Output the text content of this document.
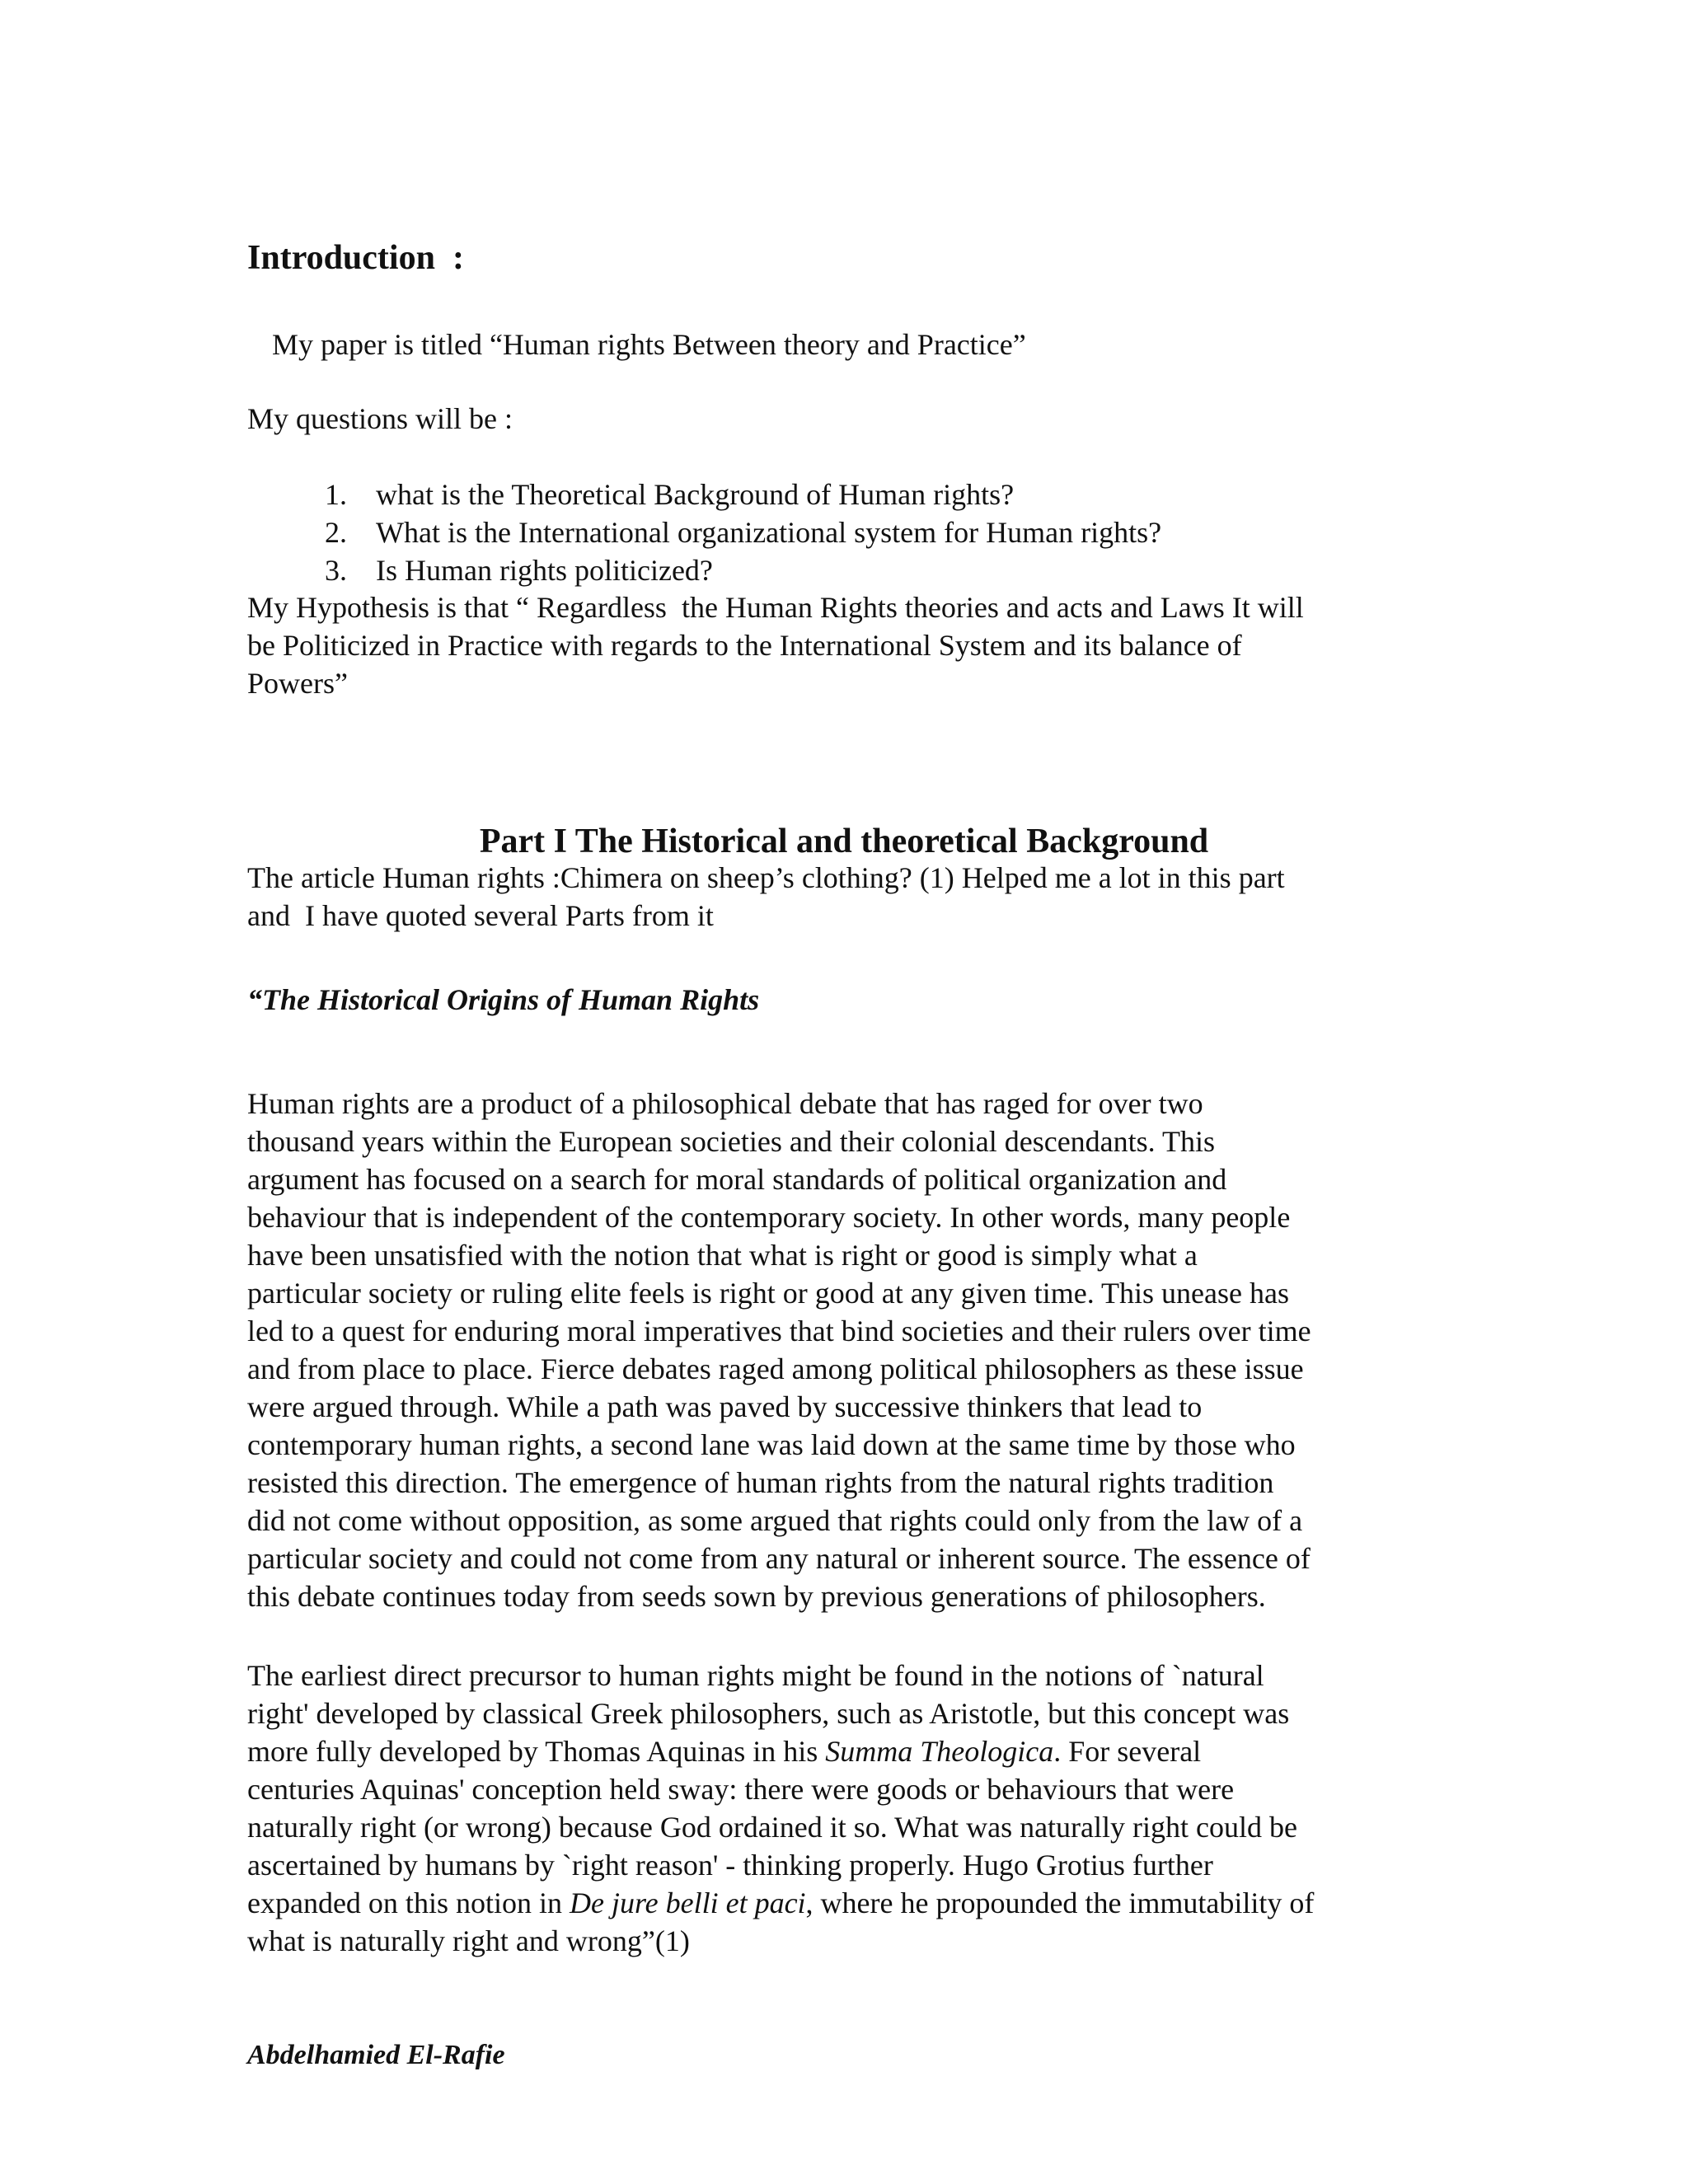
Introduction  :
My paper is titled “Human rights Between theory and Practice”
My questions will be :

1. what is the Theoretical Background of Human rights?

2. What is the International organizational system for Human rights?

3. Is Human rights politicized?

My Hypothesis is that “ Regardless  the Human Rights theories and acts and Laws It will
be Politicized in Practice with regards to the International System and its balance of
Powers”
Part I The Historical and theoretical Background
The article Human rights :Chimera on sheep’s clothing? (1) Helped me a lot in this part
and  I have quoted several Parts from it
“The Historical Origins of Human Rights
Human rights are a product of a philosophical debate that has raged for over two
thousand years within the European societies and their colonial descendants. This
argument has focused on a search for moral standards of political organization and
behaviour that is independent of the contemporary society. In other words, many people
have been unsatisfied with the notion that what is right or good is simply what a
particular society or ruling elite feels is right or good at any given time. This unease has
led to a quest for enduring moral imperatives that bind societies and their rulers over time
and from place to place. Fierce debates raged among political philosophers as these issue
were argued through. While a path was paved by successive thinkers that lead to
contemporary human rights, a second lane was laid down at the same time by those who
resisted this direction. The emergence of human rights from the natural rights tradition
did not come without opposition, as some argued that rights could only from the law of a
particular society and could not come from any natural or inherent source. The essence of
this debate continues today from seeds sown by previous generations of philosophers.
The earliest direct precursor to human rights might be found in the notions of `natural
right' developed by classical Greek philosophers, such as Aristotle, but this concept was
more fully developed by Thomas Aquinas in his Summa Theologica. For several
centuries Aquinas' conception held sway: there were goods or behaviours that were
naturally right (or wrong) because God ordained it so. What was naturally right could be
ascertained by humans by `right reason' - thinking properly. Hugo Grotius further
expanded on this notion in De jure belli et paci, where he propounded the immutability of
what is naturally right and wrong”(1)
Abdelhamied El-Rafie
